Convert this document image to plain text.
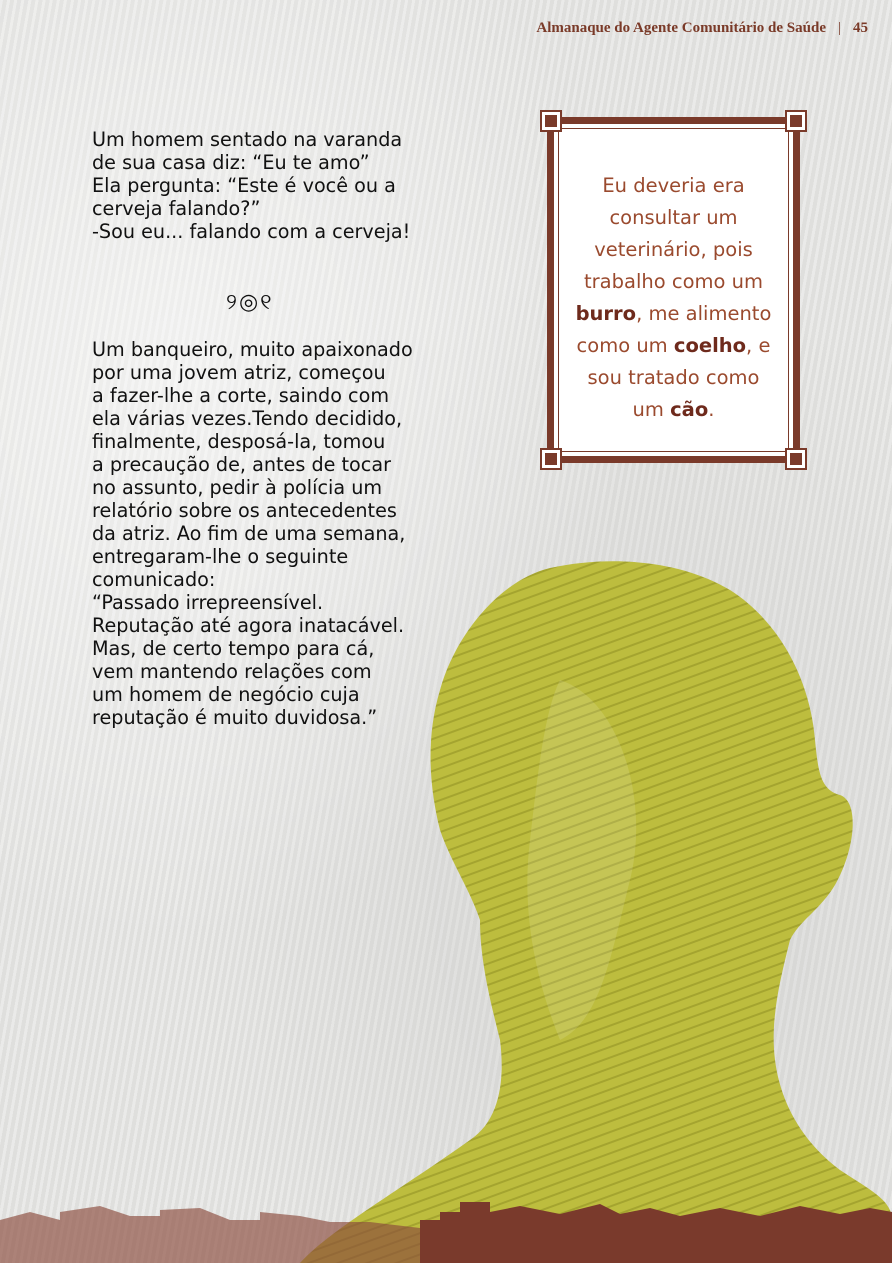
Almanaque do Agente Comunitário de Saúde | 45

Um homem sentado na varanda
de sua casa diz: “Eu te amo”
Ela pergunta: “Este é você ou a
cerveja falando?”
-Sou eu... falando com a cerveja!

୨◎୧

Um banqueiro, muito apaixonado
por uma jovem atriz, começou
a fazer-lhe a corte, saindo com
ela várias vezes.Tendo decidido,
finalmente, desposá-la, tomou
a precaução de, antes de tocar
no assunto, pedir à polícia um
relatório sobre os antecedentes
da atriz. Ao fim de uma semana,
entregaram-lhe o seguinte
comunicado:
“Passado irrepreensível.
Reputação até agora inatacável.
Mas, de certo tempo para cá,
vem mantendo relações com
um homem de negócio cuja
reputação é muito duvidosa.”

Eu deveria era consultar um veterinário, pois trabalho como um burro, me alimento como um coelho, e sou tratado como um cão.
